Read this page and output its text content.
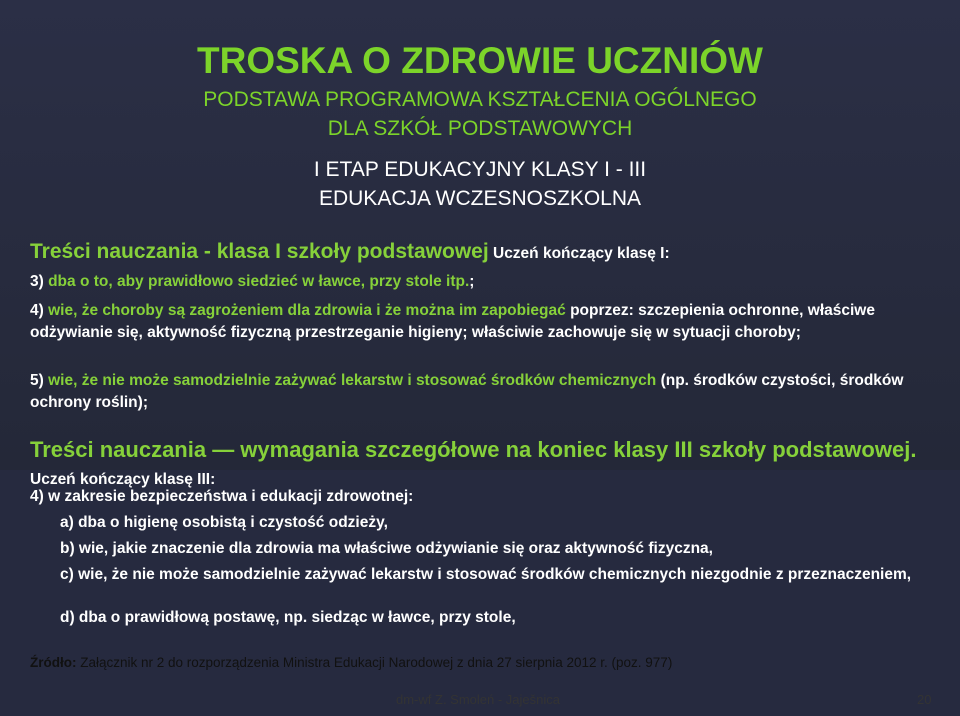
TROSKA O ZDROWIE UCZNIÓW
PODSTAWA PROGRAMOWA KSZTAŁCENIA OGÓLNEGO
DLA SZKÓŁ PODSTAWOWYCH
I ETAP EDUKACYJNY KLASY I - III
EDUKACJA WCZESNOSZKOLNA
Treści nauczania - klasa I szkoły podstawowej Uczeń kończący klasę I:
3) dba o to, aby prawidłowo siedzieć w ławce, przy stole itp.;
4) wie, że choroby są zagrożeniem dla zdrowia i że można im zapobiegać poprzez: szczepienia ochronne, właściwe odżywianie się, aktywność fizyczną przestrzeganie higieny; właściwie zachowuje się w sytuacji choroby;
5) wie, że nie może samodzielnie zażywać lekarstw i stosować środków chemicznych (np. środków czystości, środków ochrony roślin);
Treści nauczania — wymagania szczegółowe na koniec klasy III szkoły podstawowej. Uczeń kończący klasę III:
4) w zakresie bezpieczeństwa i edukacji zdrowotnej:
a) dba o higienę osobistą i czystość odzieży,
b) wie, jakie znaczenie dla zdrowia ma właściwe odżywianie się oraz aktywność fizyczna,
c) wie, że nie może samodzielnie zażywać lekarstw i stosować środków chemicznych niezgodnie z przeznaczeniem,
d) dba o prawidłową postawę, np. siedząc w ławce, przy stole,
Źródło: Załącznik nr 2 do rozporządzenia Ministra Edukacji Narodowej z dnia 27 sierpnia 2012 r. (poz. 977)
dm-wf Z. Smoleń - Jaješnica	20
